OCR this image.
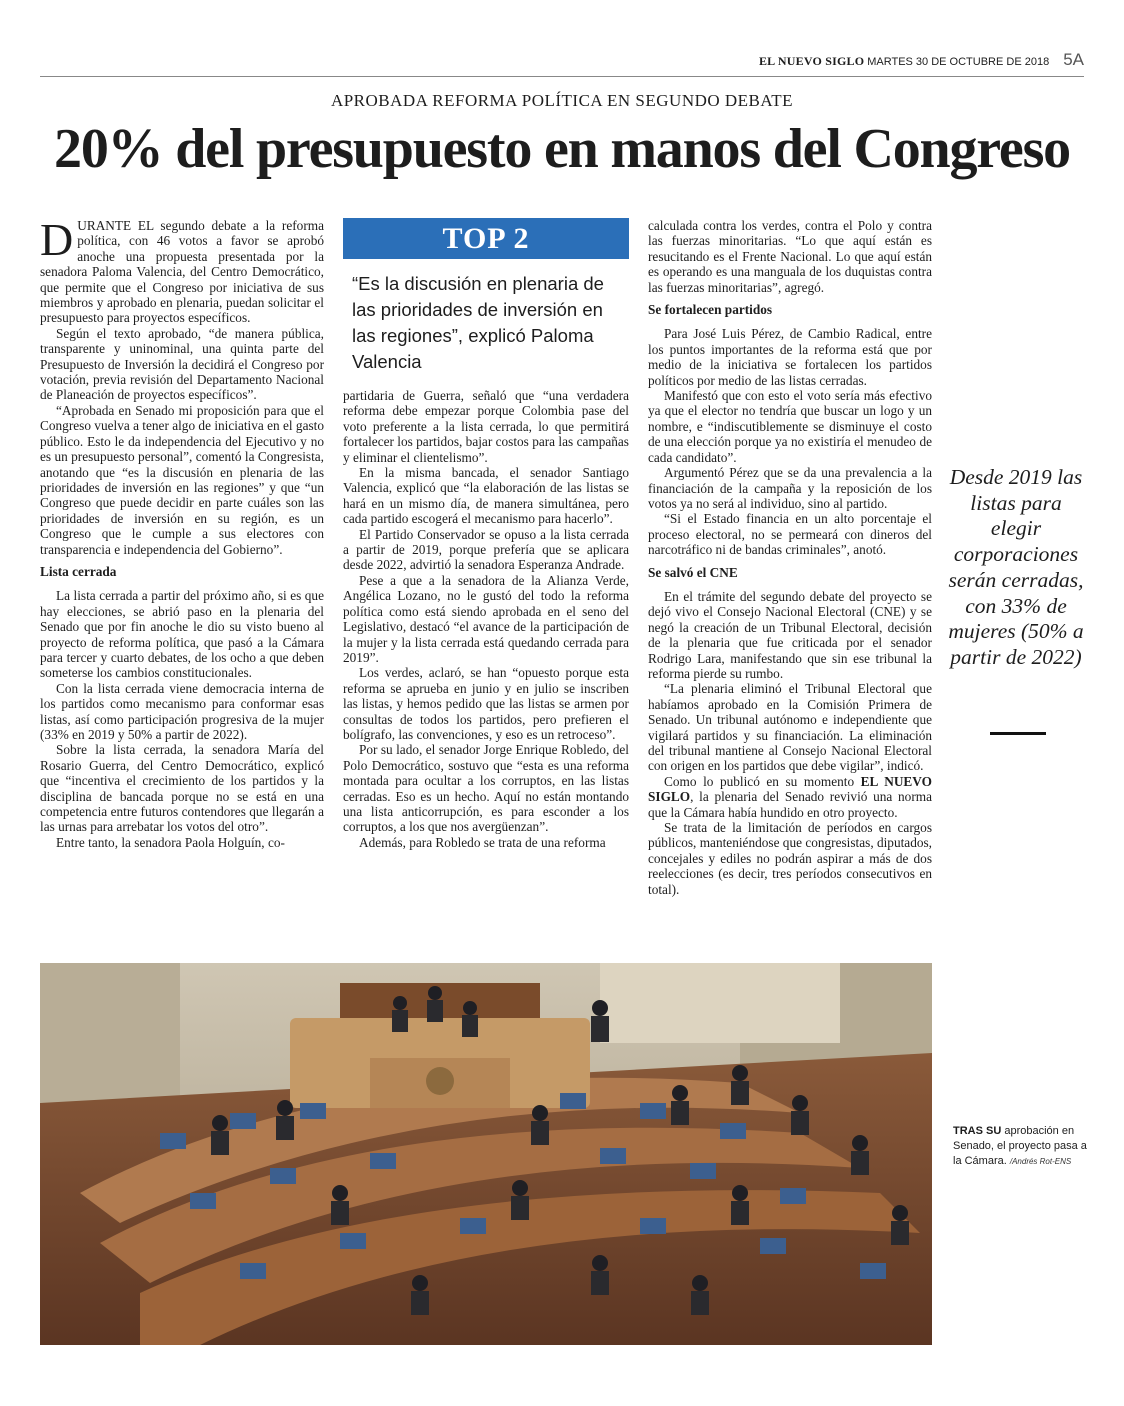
EL NUEVO SIGLO MARTES 30 DE OCTUBRE DE 2018 5A
APROBADA REFORMA POLÍTICA EN SEGUNDO DEBATE
20% del presupuesto en manos del Congreso

DURANTE EL segundo debate a la reforma política, con 46 votos a favor se aprobó anoche una propuesta presentada por la senadora Paloma Valencia, del Centro Democrático, que permite que el Congreso por iniciativa de sus miembros y aprobado en plenaria, puedan solicitar el presupuesto para proyectos específicos.

Según el texto aprobado, “de manera pública, transparente y uninominal, una quinta parte del Presupuesto de Inversión la decidirá el Congreso por votación, previa revisión del Departamento Nacional de Planeación de proyectos específicos”.

“Aprobada en Senado mi proposición para que el Congreso vuelva a tener algo de iniciativa en el gasto público. Esto le da independencia del Ejecutivo y no es un presupuesto personal”, comentó la Congresista, anotando que “es la discusión en plenaria de las prioridades de inversión en las regiones” y que “un Congreso que puede decidir en parte cuáles son las prioridades de inversión en su región, es un Congreso que le cumple a sus electores con transparencia e independencia del Gobierno”.

Lista cerrada

La lista cerrada a partir del próximo año, si es que hay elecciones, se abrió paso en la plenaria del Senado que por fin anoche le dio su visto bueno al proyecto de reforma política, que pasó a la Cámara para tercer y cuarto debates, de los ocho a que deben someterse los cambios constitucionales.

Con la lista cerrada viene democracia interna de los partidos como mecanismo para conformar esas listas, así como participación progresiva de la mujer (33% en 2019 y 50% a partir de 2022).

Sobre la lista cerrada, la senadora María del Rosario Guerra, del Centro Democrático, explicó que “incentiva el crecimiento de los partidos y la disciplina de bancada porque no se está en una competencia entre futuros contendores que llegarán a las urnas para arrebatar los votos del otro”.

Entre tanto, la senadora Paola Holguín, co-

TOP 2
“Es la discusión en plenaria de las prioridades de inversión en las regiones”, explicó Paloma Valencia

partidaria de Guerra, señaló que “una verdadera reforma debe empezar porque Colombia pase del voto preferente a la lista cerrada, lo que permitirá fortalecer los partidos, bajar costos para las campañas y eliminar el clientelismo”.

En la misma bancada, el senador Santiago Valencia, explicó que “la elaboración de las listas se hará en un mismo día, de manera simultánea, pero cada partido escogerá el mecanismo para hacerlo”.

El Partido Conservador se opuso a la lista cerrada a partir de 2019, porque prefería que se aplicara desde 2022, advirtió la senadora Esperanza Andrade.

Pese a que a la senadora de la Alianza Verde, Angélica Lozano, no le gustó del todo la reforma política como está siendo aprobada en el seno del Legislativo, destacó “el avance de la participación de la mujer y la lista cerrada está quedando cerrada para 2019”.

Los verdes, aclaró, se han “opuesto porque esta reforma se aprueba en junio y en julio se inscriben las listas, y hemos pedido que las listas se armen por consultas de todos los partidos, pero prefieren el bolígrafo, las convenciones, y eso es un retroceso”.

Por su lado, el senador Jorge Enrique Robledo, del Polo Democrático, sostuvo que “esta es una reforma montada para ocultar a los corruptos, en las listas cerradas. Eso es un hecho. Aquí no están montando una lista anticorrupción, es para esconder a los corruptos, a los que nos avergüenzan”.

Además, para Robledo se trata de una reforma

calculada contra los verdes, contra el Polo y contra las fuerzas minoritarias. “Lo que aquí están es resucitando es el Frente Nacional. Lo que aquí están es operando es una manguala de los duquistas contra las fuerzas minoritarias”, agregó.

Se fortalecen partidos

Para José Luis Pérez, de Cambio Radical, entre los puntos importantes de la reforma está que por medio de la iniciativa se fortalecen los partidos políticos por medio de las listas cerradas.

Manifestó que con esto el voto sería más efectivo ya que el elector no tendría que buscar un logo y un nombre, e “indiscutiblemente se disminuye el costo de una elección porque ya no existiría el menudeo de cada candidato”.

Argumentó Pérez que se da una prevalencia a la financiación de la campaña y la reposición de los votos ya no será al individuo, sino al partido.

“Si el Estado financia en un alto porcentaje el proceso electoral, no se permeará con dineros del narcotráfico ni de bandas criminales”, anotó.

Se salvó el CNE

En el trámite del segundo debate del proyecto se dejó vivo el Consejo Nacional Electoral (CNE) y se negó la creación de un Tribunal Electoral, decisión de la plenaria que fue criticada por el senador Rodrigo Lara, manifestando que sin ese tribunal la reforma pierde su rumbo.

“La plenaria eliminó el Tribunal Electoral que habíamos aprobado en la Comisión Primera de Senado. Un tribunal autónomo e independiente que vigilará partidos y su financiación. La eliminación del tribunal mantiene al Consejo Nacional Electoral con origen en los partidos que debe vigilar”, indicó.

Como lo publicó en su momento EL NUEVO SIGLO, la plenaria del Senado revivió una norma que la Cámara había hundido en otro proyecto.

Se trata de la limitación de períodos en cargos públicos, manteniéndose que congresistas, diputados, concejales y ediles no podrán aspirar a más de dos reelecciones (es decir, tres períodos consecutivos en total).

Desde 2019 las listas para elegir corporaciones serán cerradas, con 33% de mujeres (50% a partir de 2022)
TRAS SU aprobación en Senado, el proyecto pasa a la Cámara. /Andrés Rot-ENS
